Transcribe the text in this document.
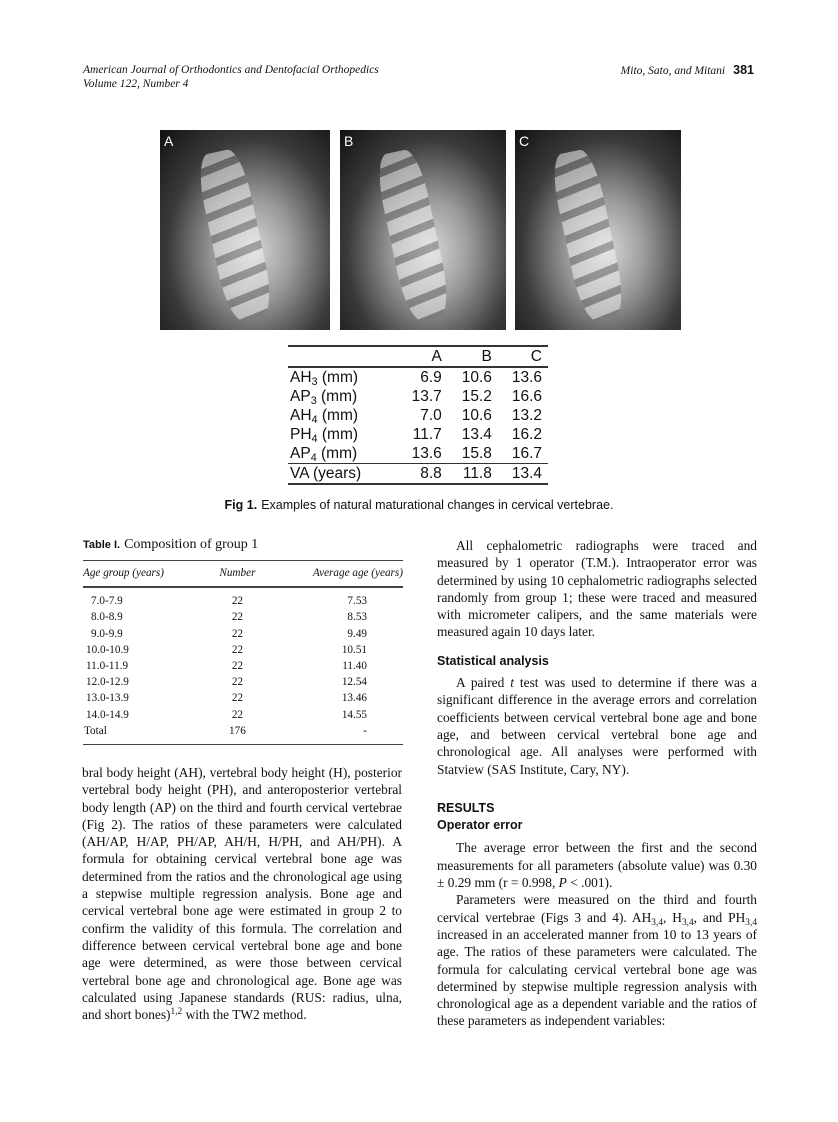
American Journal of Orthodontics and Dentofacial Orthopedics
Volume 122, Number 4
Mito, Sato, and Mitani 381
A	B	C
	A	B	C
$AH_3$ (mm)	6.9	10.6	13.6
$AP_3$ (mm)	13.7	15.2	16.6
$AH_4$ (mm)	7.0	10.6	13.2
$PH_4$ (mm)	11.7	13.4	16.2
$AP_4$ (mm)	13.6	15.8	16.7
VA (years)	8.8	11.8	13.4
Fig 1. Examples of natural maturational changes in cervical vertebrae.
Table I. Composition of group 1
Age group (years)	Number	Average age (years)
7.0-7.9	22	7.53
8.0-8.9	22	8.53
9.0-9.9	22	9.49
10.0-10.9	22	10.51
11.0-11.9	22	11.40
12.0-12.9	22	12.54
13.0-13.9	22	13.46
14.0-14.9	22	14.55
Total	176	-

bral body height (AH), vertebral body height (H), posterior vertebral body height (PH), and anteroposterior vertebral body length (AP) on the third and fourth cervical vertebrae (Fig 2). The ratios of these parameters were calculated (AH/AP, H/AP, PH/AP, AH/H, H/PH, and AH/PH). A formula for obtaining cervical vertebral bone age was determined from the ratios and the chronological age using a stepwise multiple regression analysis. Bone age and cervical vertebral bone age were estimated in group 2 to confirm the validity of this formula. The correlation and difference between cervical vertebral bone age and bone age were determined, as were those between cervical vertebral bone age and chronological age. Bone age was calculated using Japanese standards (RUS: radius, ulna, and short bones)$^{1,2}$ with the TW2 method.

All cephalometric radiographs were traced and measured by 1 operator (T.M.). Intraoperator error was determined by using 10 cephalometric radiographs selected randomly from group 1; these were traced and measured with micrometer calipers, and the same materials were measured again 10 days later.

Statistical analysis

A paired t test was used to determine if there was a significant difference in the average errors and correlation coefficients between cervical vertebral bone age and bone age, and between cervical vertebral bone age and chronological age. All analyses were performed with Statview (SAS Institute, Cary, NY).

RESULTS
Operator error

The average error between the first and the second measurements for all parameters (absolute value) was 0.30 ± 0.29 mm (r = 0.998, P < .001).

Parameters were measured on the third and fourth cervical vertebrae (Figs 3 and 4). $AH_{3,4}$, $H_{3,4}$, and $PH_{3,4}$ increased in an accelerated manner from 10 to 13 years of age. The ratios of these parameters were calculated. The formula for calculating cervical vertebral bone age was determined by stepwise multiple regression analysis with chronological age as a dependent variable and the ratios of these parameters as independent variables:
